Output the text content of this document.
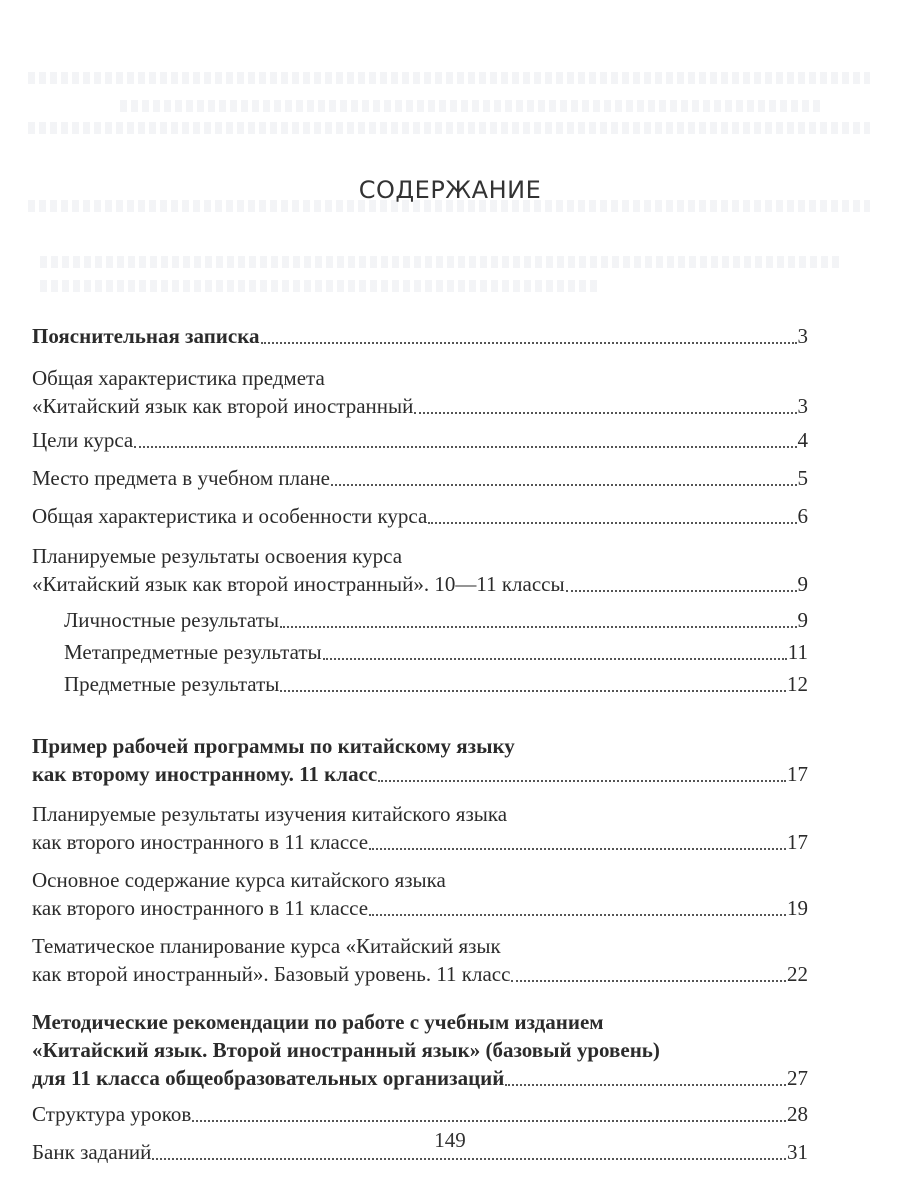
СОДЕРЖАНИЕ
Пояснительная записка	3
Общая характеристика предмета
«Китайский язык как второй иностранный	3
Цели курса	4
Место предмета в учебном плане	5
Общая характеристика и особенности курса	6
Планируемые результаты освоения курса
«Китайский язык как второй иностранный». 10—11 классы	9
Личностные результаты	9
Метапредметные результаты	11
Предметные результаты	12
Пример рабочей программы по китайскому языку
как второму иностранному. 11 класс	17
Планируемые результаты изучения китайского языка
как второго иностранного в 11 классе	17
Основное содержание курса китайского языка
как второго иностранного в 11 классе	19
Тематическое планирование курса «Китайский язык
как второй иностранный». Базовый уровень. 11 класс	22
Методические рекомендации по работе с учебным изданием
«Китайский язык. Второй иностранный язык» (базовый уровень)
для 11 класса общеобразовательных организаций	27
Структура уроков	28
Банк заданий	31
149
